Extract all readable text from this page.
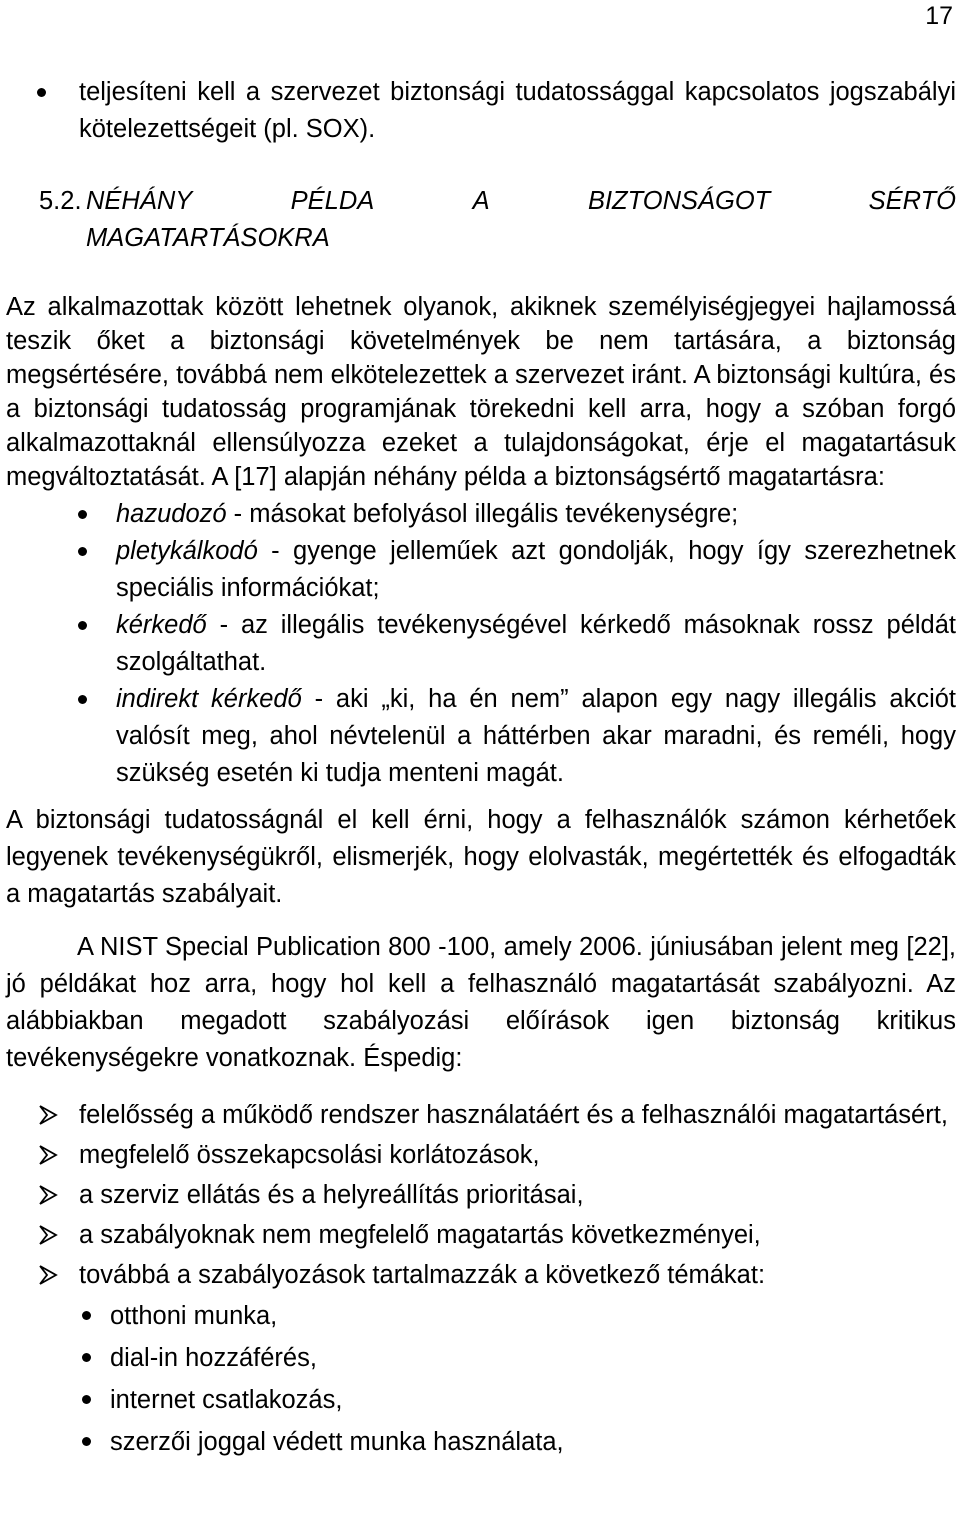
17
teljesíteni kell a szervezet biztonsági tudatossággal kapcsolatos jogszabályi kötelezettségeit (pl. SOX).
5.2. NÉHÁNY	PÉLDA	A	BIZTONSÁGOT	SÉRTŐ
MAGATARTÁSOKRA

Az alkalmazottak között lehetnek olyanok, akiknek személyiségjegyei hajlamossá teszik őket a biztonsági követelmények be nem tartására, a biztonság megsértésére, továbbá nem elkötelezettek a szervezet iránt. A biztonsági kultúra, és a biztonsági tudatosság programjának törekedni kell arra, hogy a szóban forgó alkalmazottaknál ellensúlyozza ezeket a tulajdonságokat, érje el magatartásuk megváltoztatását. A [17] alapján néhány példa a biztonságsértő magatartásra:

hazudozó - másokat befolyásol illegális tevékenységre;
pletykálkodó - gyenge jelleműek azt gondolják, hogy így szerezhetnek speciális információkat;
kérkedő - az illegális tevékenységével kérkedő másoknak rossz példát szolgáltathat.
indirekt kérkedő - aki „ki, ha én nem” alapon egy nagy illegális akciót valósít meg, ahol névtelenül a háttérben akar maradni, és reméli, hogy szükség esetén ki tudja menteni magát.

A biztonsági tudatosságnál el kell érni, hogy a felhasználók számon kérhetőek legyenek tevékenységükről, elismerjék, hogy elolvasták, megértették és elfogadták a magatartás szabályait.

A NIST Special Publication 800 -100, amely 2006. júniusában jelent meg [22], jó példákat hoz arra, hogy hol kell a felhasználó magatartását szabályozni. Az alábbiakban megadott szabályozási előírások igen biztonság kritikus tevékenységekre vonatkoznak. Éspedig:

felelősség a működő rendszer használatáért és a felhasználói magatartásért,
megfelelő összekapcsolási korlátozások,
a szerviz ellátás és a helyreállítás prioritásai,
a szabályoknak nem megfelelő magatartás következményei,
továbbá a szabályozások tartalmazzák a következő témákat:
otthoni munka,
dial-in hozzáférés,
internet csatlakozás,
szerzői joggal védett munka használata,
